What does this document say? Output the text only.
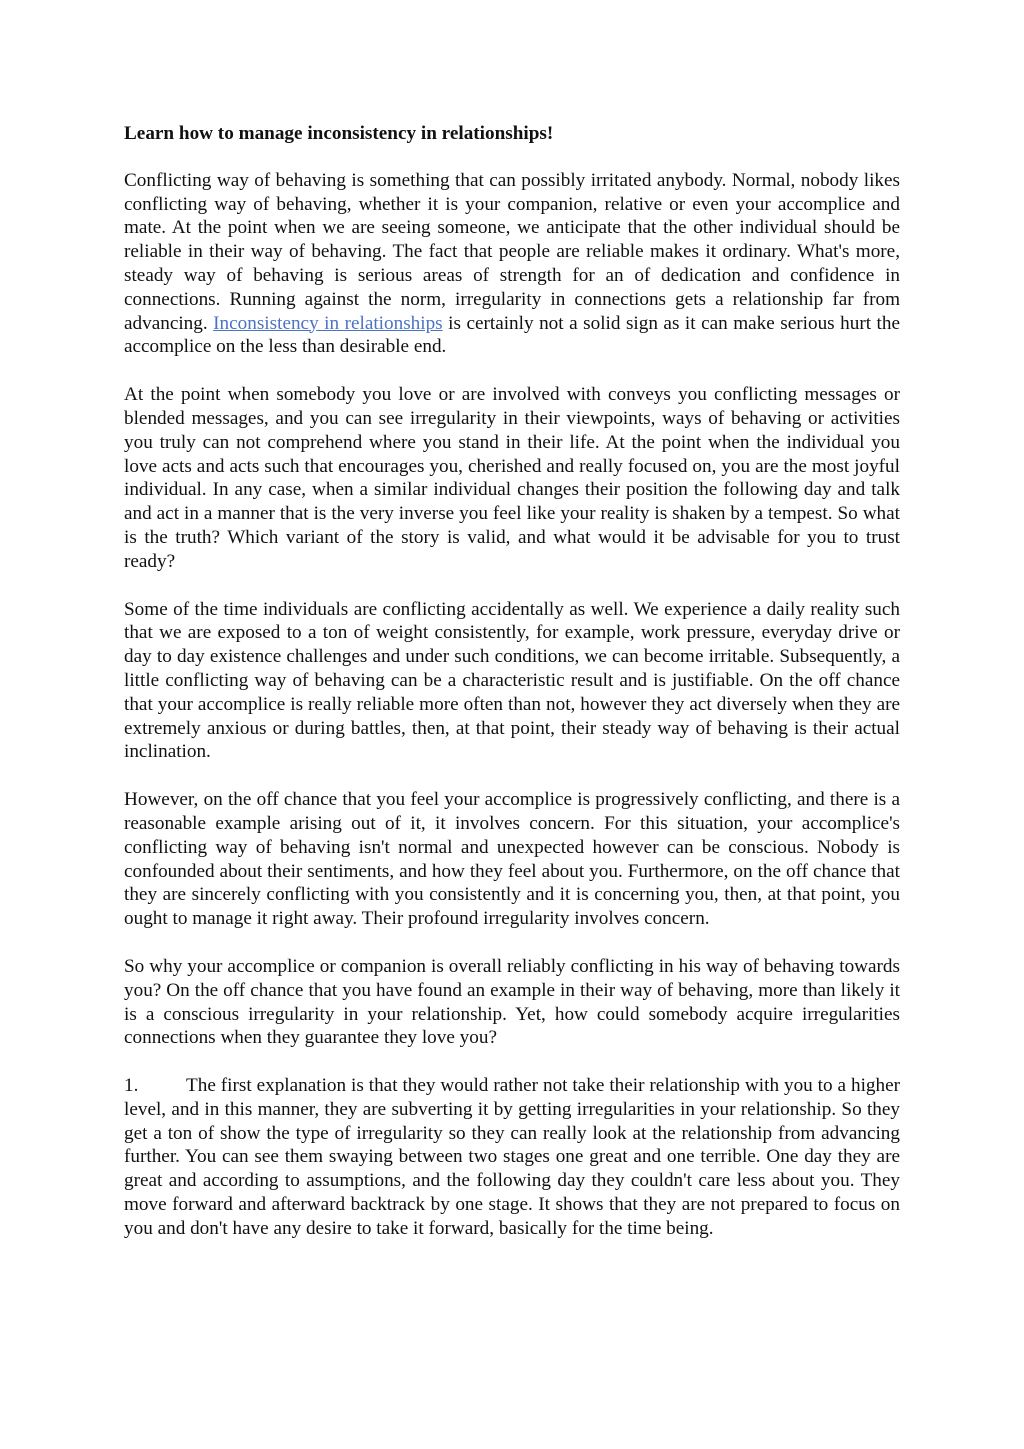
Learn how to manage inconsistency in relationships!

Conflicting way of behaving is something that can possibly irritated anybody. Normal, nobody likes conflicting way of behaving, whether it is your companion, relative or even your accomplice and mate. At the point when we are seeing someone, we anticipate that the other individual should be reliable in their way of behaving. The fact that people are reliable makes it ordinary. What's more, steady way of behaving is serious areas of strength for an of dedication and confidence in connections. Running against the norm, irregularity in connections gets a relationship far from advancing. Inconsistency in relationships is certainly not a solid sign as it can make serious hurt the accomplice on the less than desirable end.

At the point when somebody you love or are involved with conveys you conflicting messages or blended messages, and you can see irregularity in their viewpoints, ways of behaving or activities you truly can not comprehend where you stand in their life. At the point when the individual you love acts and acts such that encourages you, cherished and really focused on, you are the most joyful individual. In any case, when a similar individual changes their position the following day and talk and act in a manner that is the very inverse you feel like your reality is shaken by a tempest. So what is the truth? Which variant of the story is valid, and what would it be advisable for you to trust ready?

Some of the time individuals are conflicting accidentally as well. We experience a daily reality such that we are exposed to a ton of weight consistently, for example, work pressure, everyday drive or day to day existence challenges and under such conditions, we can become irritable. Subsequently, a little conflicting way of behaving can be a characteristic result and is justifiable. On the off chance that your accomplice is really reliable more often than not, however they act diversely when they are extremely anxious or during battles, then, at that point, their steady way of behaving is their actual inclination.

However, on the off chance that you feel your accomplice is progressively conflicting, and there is a reasonable example arising out of it, it involves concern. For this situation, your accomplice's conflicting way of behaving isn't normal and unexpected however can be conscious. Nobody is confounded about their sentiments, and how they feel about you. Furthermore, on the off chance that they are sincerely conflicting with you consistently and it is concerning you, then, at that point, you ought to manage it right away. Their profound irregularity involves concern.

So why your accomplice or companion is overall reliably conflicting in his way of behaving towards you? On the off chance that you have found an example in their way of behaving, more than likely it is a conscious irregularity in your relationship. Yet, how could somebody acquire irregularities connections when they guarantee they love you?

1. The first explanation is that they would rather not take their relationship with you to a higher level, and in this manner, they are subverting it by getting irregularities in your relationship. So they get a ton of show the type of irregularity so they can really look at the relationship from advancing further. You can see them swaying between two stages one great and one terrible. One day they are great and according to assumptions, and the following day they couldn't care less about you. They move forward and afterward backtrack by one stage. It shows that they are not prepared to focus on you and don't have any desire to take it forward, basically for the time being.
